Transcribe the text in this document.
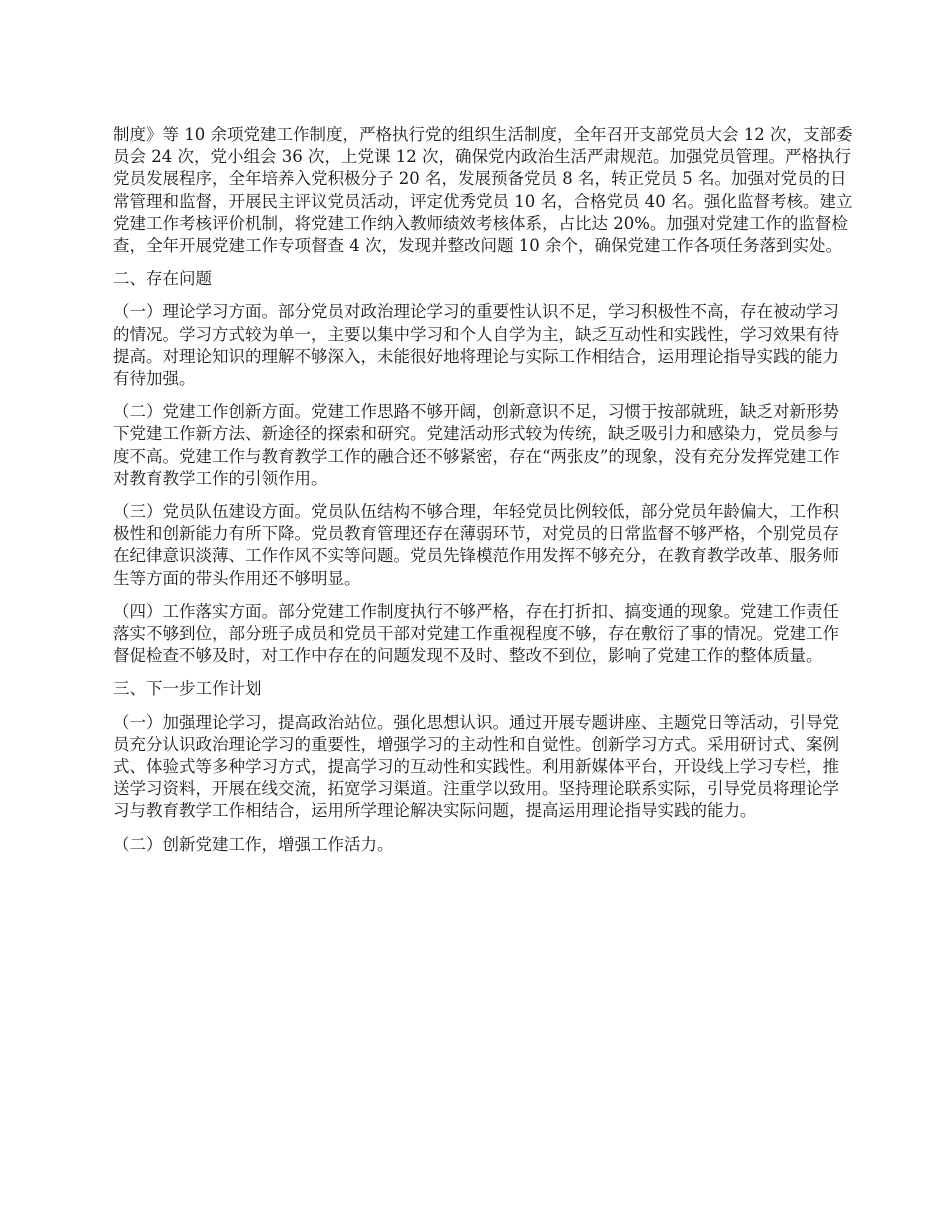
制度》等 10 余项党建工作制度，严格执行党的组织生活制度，全年召开支部党员大会 12 次，支部委员会 24 次，党小组会 36 次，上党课 12 次，确保党内政治生活严肃规范。加强党员管理。严格执行党员发展程序，全年培养入党积极分子 20 名，发展预备党员 8 名，转正党员 5 名。加强对党员的日常管理和监督，开展民主评议党员活动，评定优秀党员 10 名，合格党员 40 名。强化监督考核。建立党建工作考核评价机制，将党建工作纳入教师绩效考核体系，占比达 20%。加强对党建工作的监督检查，全年开展党建工作专项督查 4 次，发现并整改问题 10 余个，确保党建工作各项任务落到实处。

二、存在问题

（一）理论学习方面。部分党员对政治理论学习的重要性认识不足，学习积极性不高，存在被动学习的情况。学习方式较为单一，主要以集中学习和个人自学为主，缺乏互动性和实践性，学习效果有待提高。对理论知识的理解不够深入，未能很好地将理论与实际工作相结合，运用理论指导实践的能力有待加强。

（二）党建工作创新方面。党建工作思路不够开阔，创新意识不足，习惯于按部就班，缺乏对新形势下党建工作新方法、新途径的探索和研究。党建活动形式较为传统，缺乏吸引力和感染力，党员参与度不高。党建工作与教育教学工作的融合还不够紧密，存在“两张皮”的现象，没有充分发挥党建工作对教育教学工作的引领作用。

（三）党员队伍建设方面。党员队伍结构不够合理，年轻党员比例较低，部分党员年龄偏大，工作积极性和创新能力有所下降。党员教育管理还存在薄弱环节，对党员的日常监督不够严格，个别党员存在纪律意识淡薄、工作作风不实等问题。党员先锋模范作用发挥不够充分，在教育教学改革、服务师生等方面的带头作用还不够明显。

（四）工作落实方面。部分党建工作制度执行不够严格，存在打折扣、搞变通的现象。党建工作责任落实不够到位，部分班子成员和党员干部对党建工作重视程度不够，存在敷衍了事的情况。党建工作督促检查不够及时，对工作中存在的问题发现不及时、整改不到位，影响了党建工作的整体质量。

三、下一步工作计划

（一）加强理论学习，提高政治站位。强化思想认识。通过开展专题讲座、主题党日等活动，引导党员充分认识政治理论学习的重要性，增强学习的主动性和自觉性。创新学习方式。采用研讨式、案例式、体验式等多种学习方式，提高学习的互动性和实践性。利用新媒体平台，开设线上学习专栏，推送学习资料，开展在线交流，拓宽学习渠道。注重学以致用。坚持理论联系实际，引导党员将理论学习与教育教学工作相结合，运用所学理论解决实际问题，提高运用理论指导实践的能力。

（二）创新党建工作，增强工作活力。
